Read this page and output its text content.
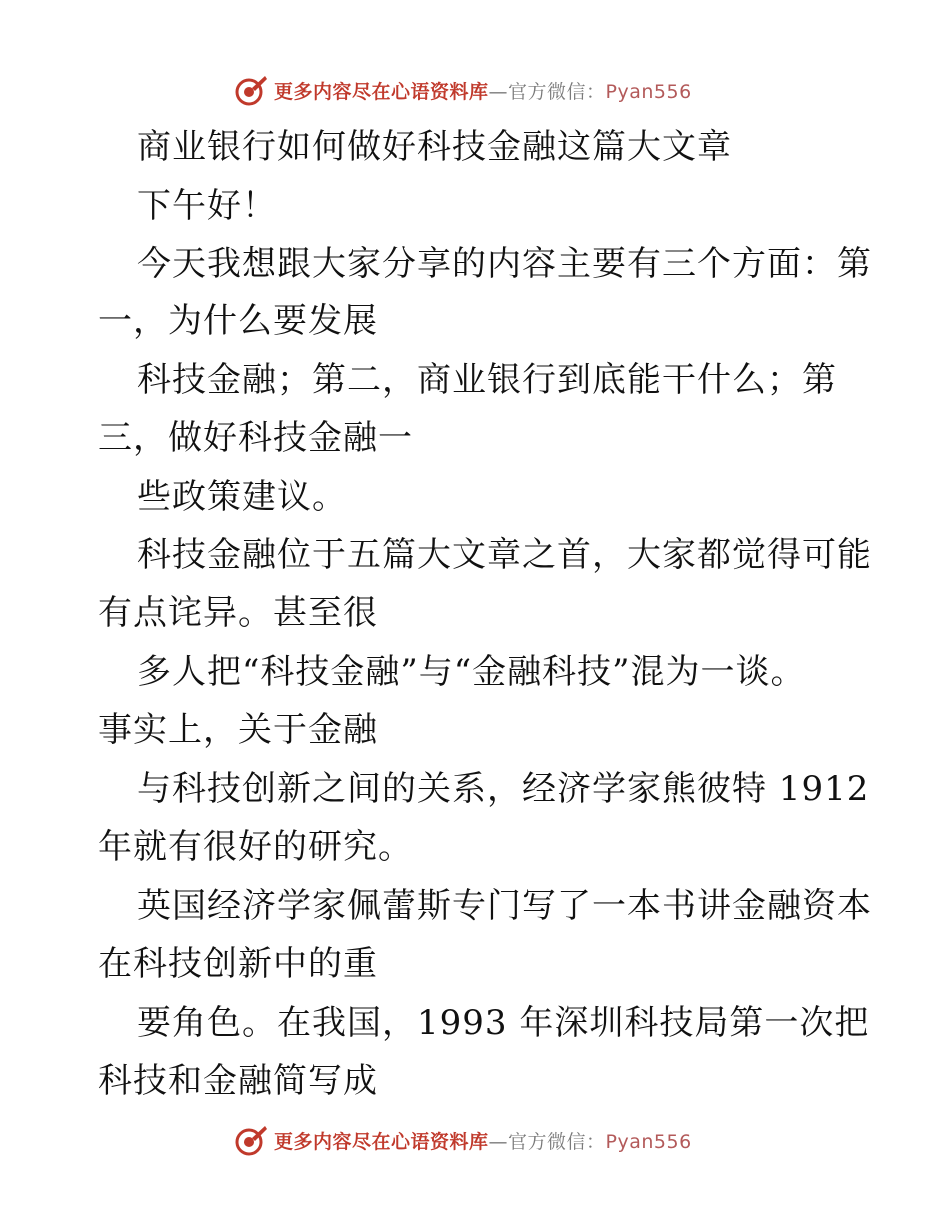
更多内容尽在心语资料库—官方微信：Pyan556
商业银行如何做好科技金融这篇大文章
下午好！
今天我想跟大家分享的内容主要有三个方面：第
一，为什么要发展
科技金融；第二，商业银行到底能干什么；第
三，做好科技金融一
些政策建议。
科技金融位于五篇大文章之首，大家都觉得可能
有点诧异。甚至很
多人把“科技金融”与“金融科技”混为一谈。
事实上，关于金融
与科技创新之间的关系，经济学家熊彼特 1912
年就有很好的研究。
英国经济学家佩蕾斯专门写了一本书讲金融资本
在科技创新中的重
要角色。在我国，1993 年深圳科技局第一次把
科技和金融简写成
更多内容尽在心语资料库—官方微信：Pyan556
